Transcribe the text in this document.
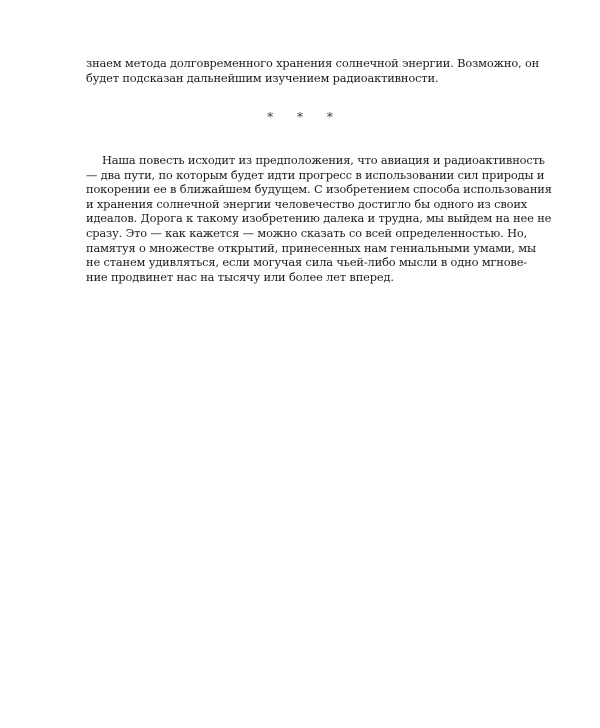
знаем метода долговременного хранения солнечной энергии. Возможно, он
будет подсказан дальнейшим изучением радиоактивности.

Наша повесть исходит из предположения, что авиация и радиоактивность
— два пути, по которым будет идти прогресс в использовании сил природы и
покорении ее в ближайшем будущем. С изобретением способа использования
и хранения солнечной энергии человечество достигло бы одного из своих
идеалов. Дорога к такому изобретению далека и трудна, мы выйдем на нее не
сразу. Это — как кажется — можно сказать со всей определенностью. Но,
памятуя о множестве открытий, принесенных нам гениальными умами, мы
не станем удивляться, если могучая сила чьей-либо мысли в одно мгнове-
ние продвинет нас на тысячу или более лет вперед.

* * *
